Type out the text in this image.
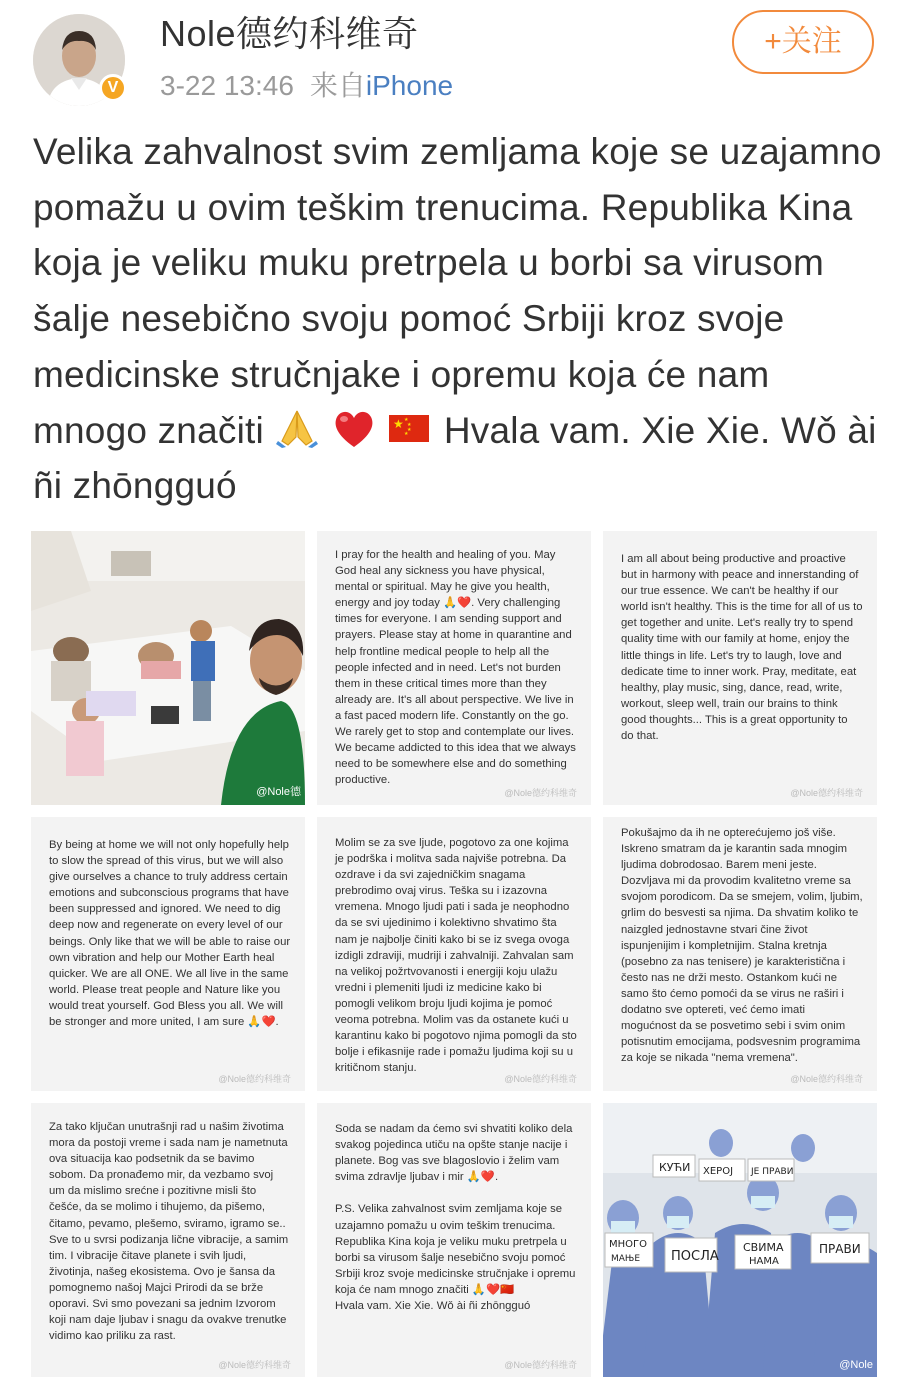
V
Nole德约科维奇
3-22 13:46 来自iPhone
+关注
Velika zahvalnost svim zemljama koje se uzajamno pomažu u ovim teškim trenucima. Republika Kina koja je veliku muku pretrpela u borbi sa virusom šalje nesebično svoju pomoć Srbiji kroz svoje medicinske stručnjake i opremu koja će nam mnogo značiti	★ ★
★
★
★ Hvala vam. Xie Xie. Wǒ ài ñi zhōngguó
@Nole德
I pray for the health and healing of you. May God heal any sickness you have physical, mental or spiritual. May he give you health, energy and joy today 🙏❤️. Very challenging times for everyone. I am sending support and prayers. Please stay at home in quarantine and help frontline medical people to help all the people infected and in need. Let's not burden them in these critical times more than they already are. It's all about perspective. We live in a fast paced modern life. Constantly on the go. We rarely get to stop and contemplate our lives. We became addicted to this idea that we always need to be somewhere else and do something productive.
@Nole德约科维奇
I am all about being productive and proactive but in harmony with peace and innerstanding of our true essence. We can't be healthy if our world isn't healthy. This is the time for all of us to get together and unite. Let's really try to spend quality time with our family at home, enjoy the little things in life. Let's try to laugh, love and dedicate time to inner work. Pray, meditate, eat healthy, play music, sing, dance, read, write, workout, sleep well, train our brains to think good thoughts... This is a great opportunity to do that.
@Nole德约科维奇
By being at home we will not only hopefully help to slow the spread of this virus, but we will also give ourselves a chance to truly address certain emotions and subconscious programs that have been suppressed and ignored. We need to dig deep now and regenerate on every level of our beings. Only like that we will be able to raise our own vibration and help our Mother Earth heal quicker. We are all ONE. We all live in the same world. Please treat people and Nature like you would treat yourself. God Bless you all. We will be stronger and more united, I am sure 🙏❤️.
@Nole德约科维奇
Molim se za sve ljude, pogotovo za one kojima je podrška i molitva sada najviše potrebna. Da ozdrave i da svi zajedničkim snagama prebrodimo ovaj virus. Teška su i izazovna vremena. Mnogo ljudi pati i sada je neophodno da se svi ujedinimo i kolektivno shvatimo šta nam je najbolje činiti kako bi se iz svega ovoga izdigli zdraviji, mudriji i zahvalniji. Zahvalan sam na velikoj požrtvovanosti i energiji koju ulažu vredni i plemeniti ljudi iz medicine kako bi pomogli velikom broju ljudi kojima je pomoć veoma potrebna. Molim vas da ostanete kući u karantinu kako bi pogotovo njima pomogli da sto bolje i efikasnije rade i pomažu ljudima koji su u kritičnom stanju.
@Nole德约科维奇
Pokušajmo da ih ne opterećujemo još više. Iskreno smatram da je karantin sada mnogim ljudima dobrodosao. Barem meni jeste. Dozvljava mi da provodim kvalitetno vreme sa svojom porodicom. Da se smejem, volim, ljubim, grlim do besvesti sa njima. Da shvatim koliko te naizgled jednostavne stvari čine život ispunjenijim i kompletnijim. Stalna kretnja (posebno za nas tenisere) je karakteristična i često nas ne drži mesto. Ostankom kući ne samo što ćemo pomoći da se virus ne raširi i dodatno sve optereti, već ćemo imati mogućnost da se posvetimo sebi i svim onim potisnutim emocijama, podsvesnim programima za koje se nikada "nema vremena".
@Nole德约科维奇
Za tako ključan unutrašnji rad u našim životima mora da postoji vreme i sada nam je nametnuta ova situacija kao podsetnik da se bavimo sobom. Da pronađemo mir, da vezbamo svoj um da mislimo srećne i pozitivne misli što češće, da se molimo i tihujemo, da pišemo, čitamo, pevamo, plešemo, sviramo, igramo se.. Sve to u svrsi podizanja lične vibracije, a samim tim. I vibracije čitave planete i svih ljudi, životinja, našeg ekosistema. Ovo je šansa da pomognemo našoj Majci Prirodi da se brže oporavi. Svi smo povezani sa jednim Izvorom koji nam daje ljubav i snagu da ovakve trenutke vidimo kao priliku za rast.
@Nole德约科维奇
Soda se nadam da ćemo svi shvatiti koliko dela svakog pojedinca utiču na opšte stanje nacije i planete. Bog vas sve blagoslovio i želim vam svima zdravlje ljubav i mir 🙏❤️.

P.S. Velika zahvalnost svim zemljama koje se uzajamno pomažu u ovim teškim trenucima. Republika Kina koja je veliku muku pretrpela u borbi sa virusom šalje nesebično svoju pomoć Srbiji kroz svoje medicinske stručnjake i opremu koja će nam mnogo značiti 🙏❤️🇨🇳
Hvala vam. Xie Xie. Wǒ ài ñi zhōngguó
@Nole德约科维奇
КУЋИ ХЕРОЈ ЈЕ ПРАВИ
МНОГО
МАЊЕ ПОСЛА
СВИМА
НАМА
ПРАВИ
@Nole
